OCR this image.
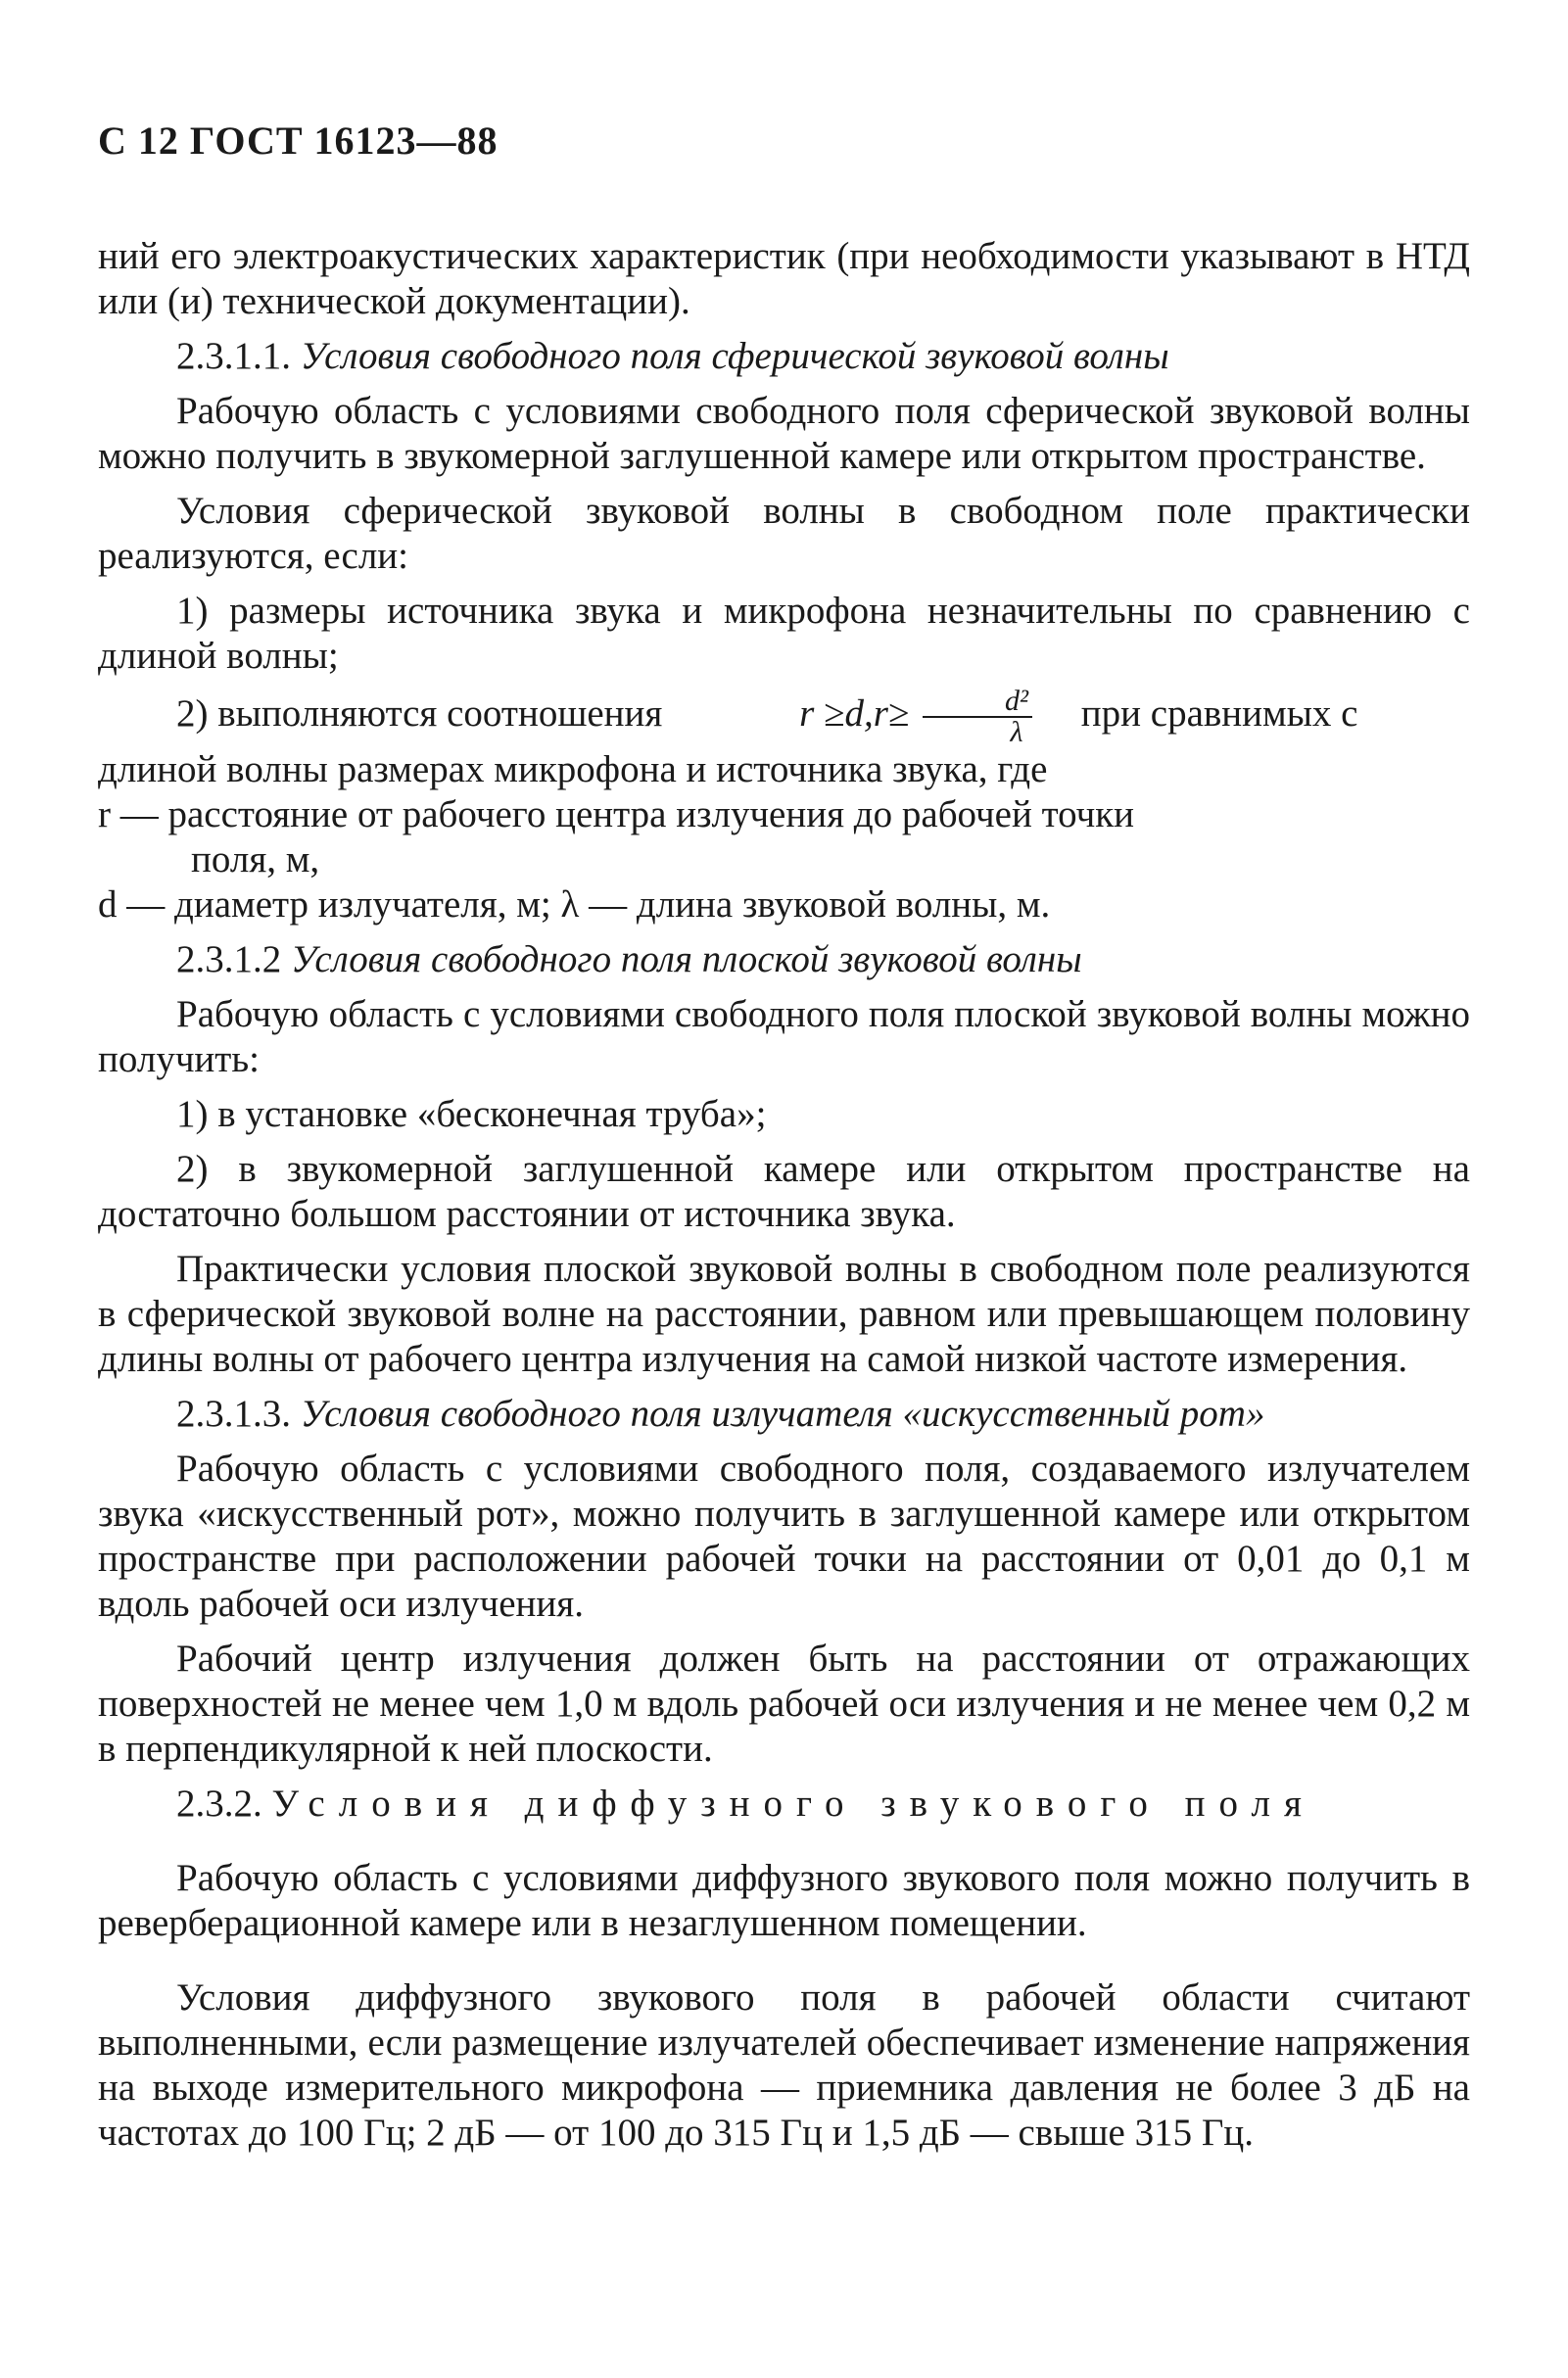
С 12 ГОСТ 16123—88

ний его электроакустических характеристик (при необходимости указывают в НТД или (и) технической документации).

2.3.1.1. Условия свободного поля сферической звуковой волны

Рабочую область с условиями свободного поля сферической звуковой волны можно получить в звукомерной заглушенной камере или открытом пространстве.

Условия сферической звуковой волны в свободном поле практически реализуются, если:

1) размеры источника звука и микрофона незначительны по сравнению с длиной волны;

2) выполняются соотношения	$r \ge d,r\ge \frac{\text{d²}}{\lambda}$ при сравнимых с

длиной волны размерах микрофона и источника звука, где

r — расстояние от рабочего центра излучения до рабочей точки

поля, м,

d — диаметр излучателя, м; λ — длина звуковой волны, м.

2.3.1.2 Условия свободного поля плоской звуковой волны

Рабочую область с условиями свободного поля плоской звуковой волны можно получить:

1) в установке «бесконечная труба»;

2) в звукомерной заглушенной камере или открытом пространстве на достаточно большом расстоянии от источника звука.

Практически условия плоской звуковой волны в свободном поле реализуются в сферической звуковой волне на расстоянии, равном или превышающем половину длины волны от рабочего центра излучения на самой низкой частоте измерения.

2.3.1.3. Условия свободного поля излучателя «искусственный рот»

Рабочую область с условиями свободного поля, создаваемого излучателем звука «искусственный рот», можно получить в заглушенной камере или открытом пространстве при расположении рабочей точки на расстоянии от 0,01 до 0,1 м вдоль рабочей оси излучения.

Рабочий центр излучения должен быть на расстоянии от отражающих поверхностей не менее чем 1,0 м вдоль рабочей оси излучения и не менее чем 0,2 м в перпендикулярной к ней плоскости.

2.3.2. Условия диффузного звукового поля

Рабочую область с условиями диффузного звукового поля можно получить в реверберационной камере или в незаглушенном помещении.

Условия диффузного звукового поля в рабочей области считают выполненными, если размещение излучателей обеспечивает изменение напряжения на выходе измерительного микрофона — приемника давления не более 3 дБ на частотах до 100 Гц; 2 дБ — от 100 до 315 Гц и 1,5 дБ — свыше 315 Гц.
